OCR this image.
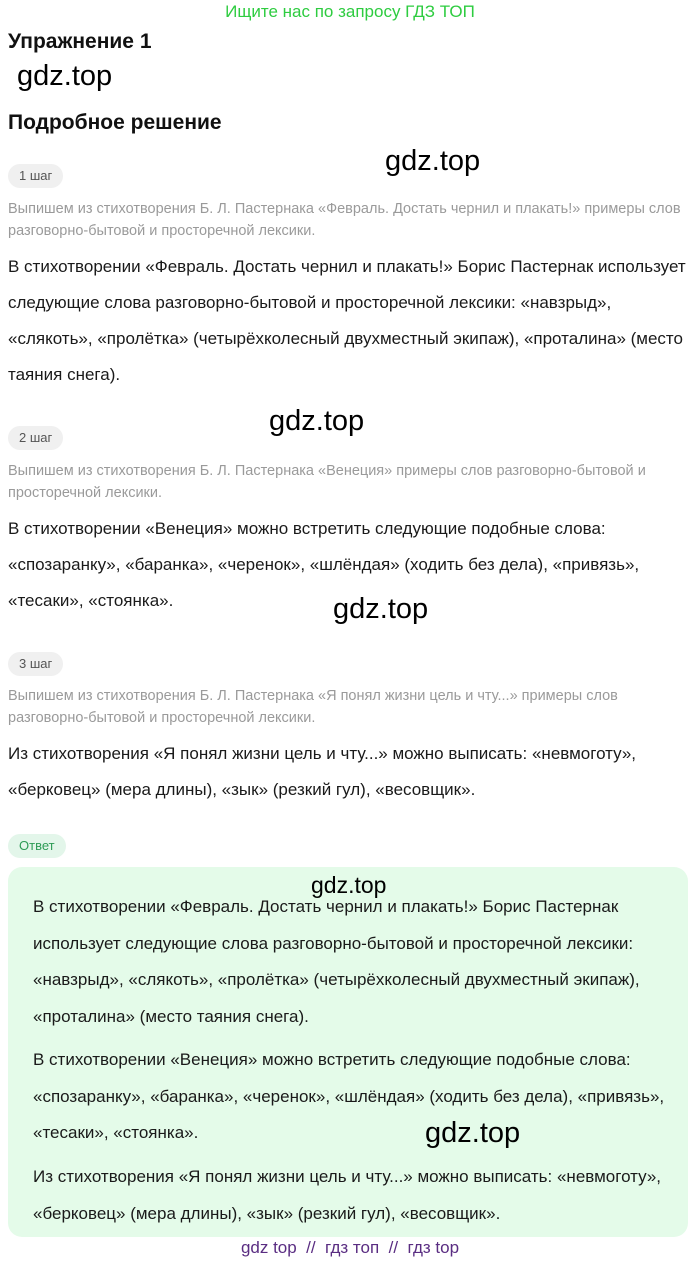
Ищите нас по запросу ГДЗ ТОП
Упражнение 1
gdz.top
Подробное решение
gdz.top
1 шаг
Выпишем из стихотворения Б. Л. Пастернака «Февраль. Достать чернил и плакать!» примеры слов разговорно-бытовой и просторечной лексики.
В стихотворении «Февраль. Достать чернил и плакать!» Борис Пастернак использует следующие слова разговорно-бытовой и просторечной лексики: «навзрыд», «слякоть», «пролётка» (четырёхколесный двухместный экипаж), «проталина» (место таяния снега).
gdz.top
2 шаг
Выпишем из стихотворения Б. Л. Пастернака «Венеция» примеры слов разговорно-бытовой и просторечной лексики.
В стихотворении «Венеция» можно встретить следующие подобные слова: «спозаранку», «баранка», «черенок», «шлёндая» (ходить без дела), «привязь», «тесаки», «стоянка».	gdz.top
3 шаг
Выпишем из стихотворения Б. Л. Пастернака «Я понял жизни цель и чту...» примеры слов разговорно-бытовой и просторечной лексики.
Из стихотворения «Я понял жизни цель и чту...» можно выписать: «невмоготу», «берковец» (мера длины), «зык» (резкий гул), «весовщик».
Ответ
gdz.top
В стихотворении «Февраль. Достать чернил и плакать!» Борис Пастернак использует следующие слова разговорно-бытовой и просторечной лексики: «навзрыд», «слякоть», «пролётка» (четырёхколесный двухместный экипаж), «проталина» (место таяния снега).
В стихотворении «Венеция» можно встретить следующие подобные слова: «спозаранку», «баранка», «черенок», «шлёндая» (ходить без дела), «привязь», «тесаки», «стоянка».	gdz.top
Из стихотворения «Я понял жизни цель и чту...» можно выписать: «невмоготу», «берковец» (мера длины), «зык» (резкий гул), «весовщик».
gdz top  //  гдз топ  //  гдз top
